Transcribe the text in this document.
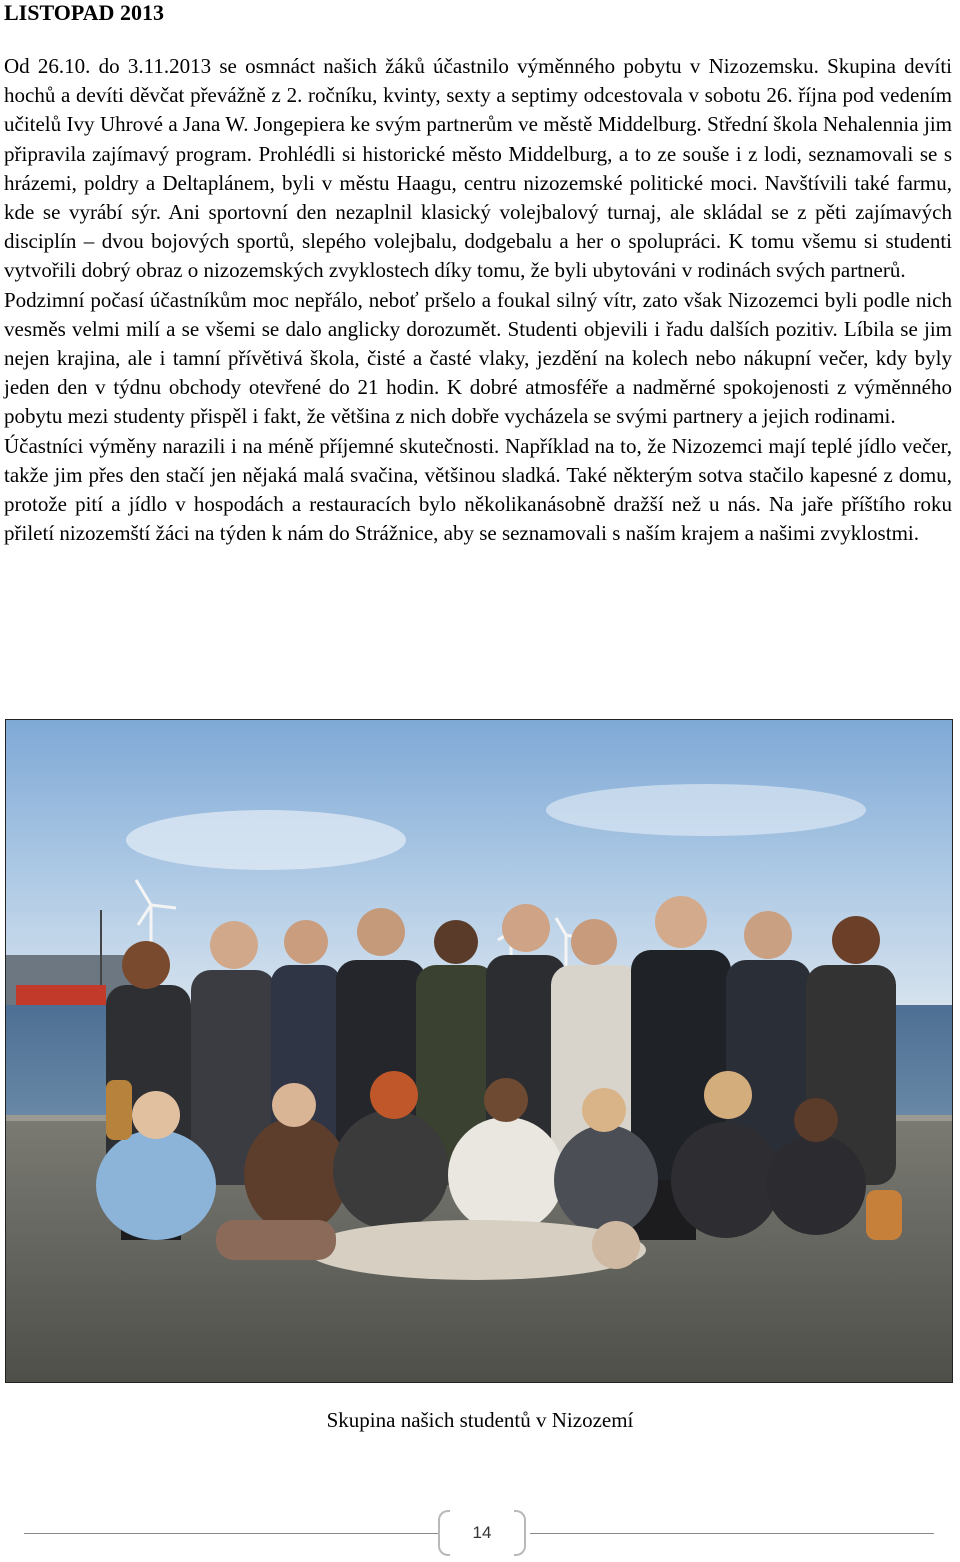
LISTOPAD 2013

Od 26.10. do 3.11.2013 se osmnáct našich žáků účastnilo výměnného pobytu v Nizozemsku. Skupina devíti hochů a devíti děvčat převážně z 2. ročníku, kvinty, sexty a septimy odcestovala v sobotu 26. října pod vedením učitelů Ivy Uhrové a Jana W. Jongepiera ke svým partnerům ve městě Middelburg. Střední škola Nehalennia jim připravila zajímavý program. Prohlédli si historické město Middelburg, a to ze souše i z lodi, seznamovali se s hrázemi, poldry a Deltaplánem, byli v městu Haagu, centru nizozemské politické moci. Navštívili také farmu, kde se vyrábí sýr. Ani sportovní den nezaplnil klasický volejbalový turnaj, ale skládal se z pěti zajímavých disciplín – dvou bojových sportů, slepého volejbalu, dodgebalu a her o spolupráci. K tomu všemu si studenti vytvořili dobrý obraz o nizozemských zvyklostech díky tomu, že byli ubytováni v rodinách svých partnerů.

Podzimní počasí účastníkům moc nepřálo, neboť pršelo a foukal silný vítr, zato však Nizozemci byli podle nich vesměs velmi milí a se všemi se dalo anglicky dorozumět. Studenti objevili i řadu dalších pozitiv. Líbila se jim nejen krajina, ale i tamní přívětivá škola, čisté a časté vlaky, jezdění na kolech nebo nákupní večer, kdy byly jeden den v týdnu obchody otevřené do 21 hodin. K dobré atmosféře a nadměrné spokojenosti z výměnného pobytu mezi studenty přispěl i fakt, že většina z nich dobře vycházela se svými partnery a jejich rodinami.

Účastníci výměny narazili i na méně příjemné skutečnosti. Například na to, že Nizozemci mají teplé jídlo večer, takže jim přes den stačí jen nějaká malá svačina, většinou sladká. Také některým sotva stačilo kapesné z domu, protože pití a jídlo v hospodách a restauracích bylo několikanásobně dražší než u nás. Na jaře příštího roku přiletí nizozemští žáci na týden k nám do Strážnice, aby se seznamovali s naším krajem a našimi zvyklostmi.

Skupina našich studentů v Nizozemí
14
